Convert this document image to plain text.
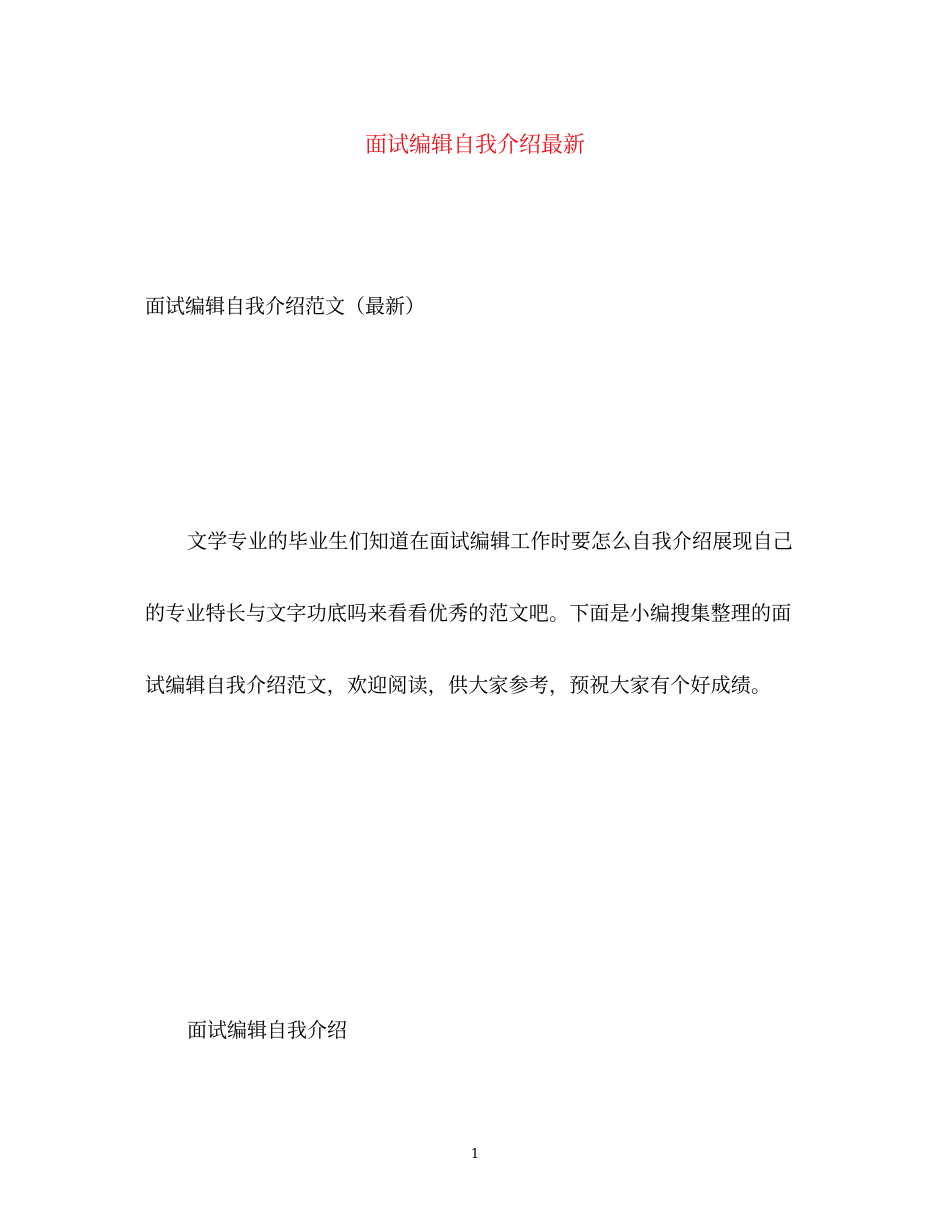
面试编辑自我介绍最新

面试编辑自我介绍范文（最新）

文学专业的毕业生们知道在面试编辑工作时要怎么自我介绍展现自己的专业特长与文字功底吗来看看优秀的范文吧。下面是小编搜集整理的面试编辑自我介绍范文，欢迎阅读，供大家参考，预祝大家有个好成绩。

面试编辑自我介绍

1
